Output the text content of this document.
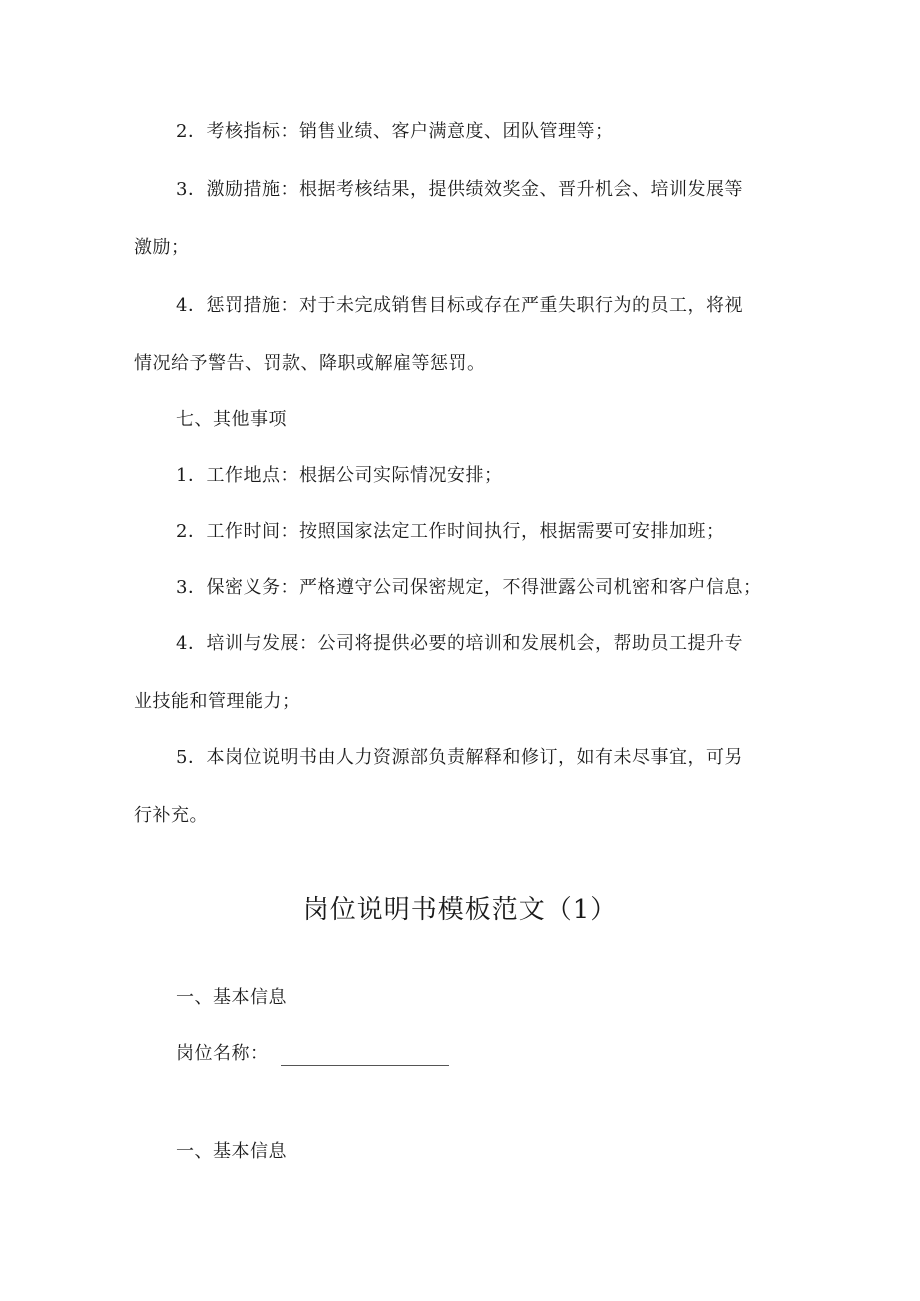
2．考核指标：销售业绩、客户满意度、团队管理等；
3．激励措施：根据考核结果，提供绩效奖金、晋升机会、培训发展等
激励；
4．惩罚措施：对于未完成销售目标或存在严重失职行为的员工，将视
情况给予警告、罚款、降职或解雇等惩罚。
七、其他事项
1．工作地点：根据公司实际情况安排；
2．工作时间：按照国家法定工作时间执行，根据需要可安排加班；
3．保密义务：严格遵守公司保密规定，不得泄露公司机密和客户信息；
4．培训与发展：公司将提供必要的培训和发展机会，帮助员工提升专
业技能和管理能力；
5．本岗位说明书由人力资源部负责解释和修订，如有未尽事宜，可另
行补充。
岗位说明书模板范文（1）
一、基本信息
岗位名称：
一、基本信息
